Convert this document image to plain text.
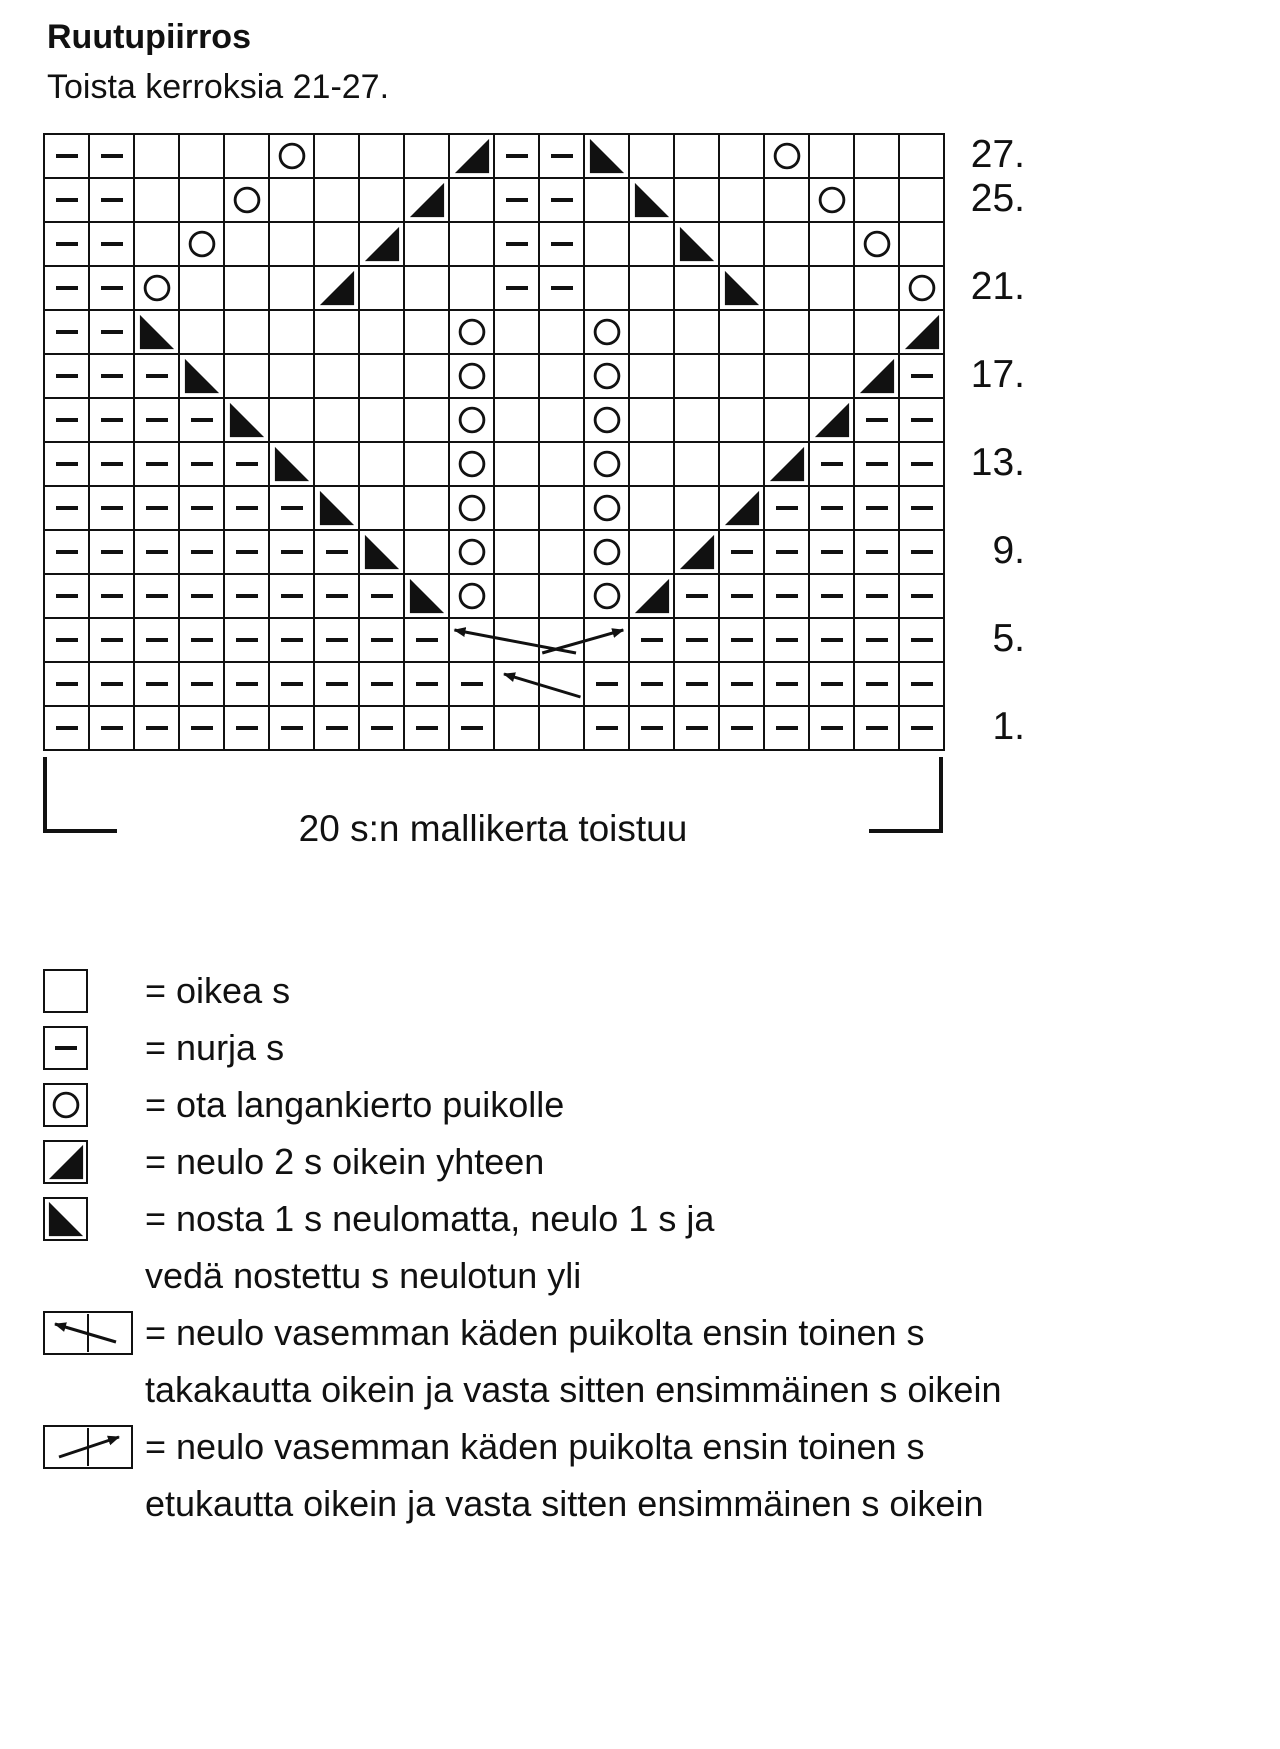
Ruutupiirros
Toista kerroksia 21-27.
27.
25.
21.
17.
13.
9.
5.
1.
20 s:n mallikerta toistuu
= oikea s
= nurja s
= ota langankierto puikolle
= neulo 2 s oikein yhteen
= nosta 1 s neulomatta, neulo 1 s ja
vedä nostettu s neulotun yli
= neulo vasemman käden puikolta ensin toinen s
takakautta oikein ja vasta sitten ensimmäinen s oikein
= neulo vasemman käden puikolta ensin toinen s
etukautta oikein ja vasta sitten ensimmäinen s oikein
